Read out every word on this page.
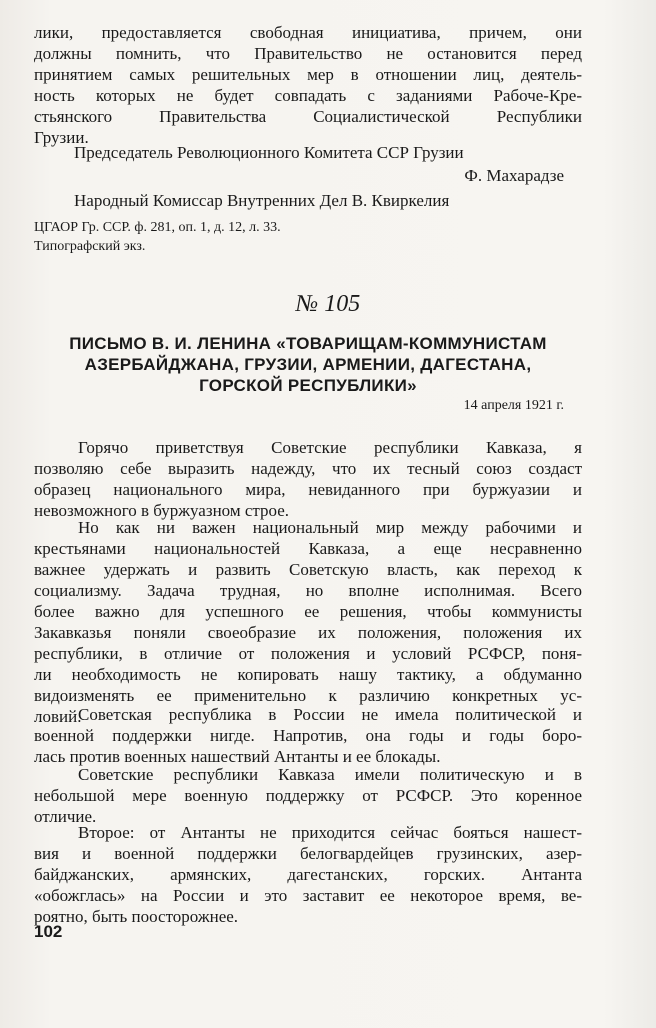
лики, предоставляется свободная инициатива, причем, они

должны помнить, что Правительство не остановится перед

принятием самых решительных мер в отношении лиц, деятель-

ность которых не будет совпадать с заданиями Рабоче-Кре-

стьянского Правительства Социалистической Республики

Грузии.

Председатель Революционного Комитета ССР Грузии
Ф. Махарадзе
Народный Комиссар Внутренних Дел В. Квиркелия
ЦГАОР Гр. ССР. ф. 281, оп. 1, д. 12, л. 33.
Типографский экз.
№ 105
ПИСЬМО В. И. ЛЕНИНА «ТОВАРИЩАМ-КОММУНИСТАМ
АЗЕРБАЙДЖАНА, ГРУЗИИ, АРМЕНИИ, ДАГЕСТАНА,
ГОРСКОЙ РЕСПУБЛИКИ»
14 апреля 1921 г.

Горячо приветствуя Советские республики Кавказа, я

позволяю себе выразить надежду, что их тесный союз создаст

образец национального мира, невиданного при буржуазии и

невозможного в буржуазном строе.

Но как ни важен национальный мир между рабочими и

крестьянами национальностей Кавказа, а еще несравненно

важнее удержать и развить Советскую власть, как переход к

социализму. Задача трудная, но вполне исполнимая. Всего

более важно для успешного ее решения, чтобы коммунисты

Закавказья поняли своеобразие их положения, положения их

республики, в отличие от положения и условий РСФСР, поня-

ли необходимость не копировать нашу тактику, а обдуманно

видоизменять ее применительно к различию конкретных ус-

ловий.

Советская республика в России не имела политической и

военной поддержки нигде. Напротив, она годы и годы боро-

лась против военных нашествий Антанты и ее блокады.

Советские республики Кавказа имели политическую и в

небольшой мере военную поддержку от РСФСР. Это коренное

отличие.

Второе: от Антанты не приходится сейчас бояться нашест-

вия и военной поддержки белогвардейцев грузинских, азер-

байджанских, армянских, дагестанских, горских. Антанта

«обожглась» на России и это заставит ее некоторое время, ве-

роятно, быть поосторожнее.

102
